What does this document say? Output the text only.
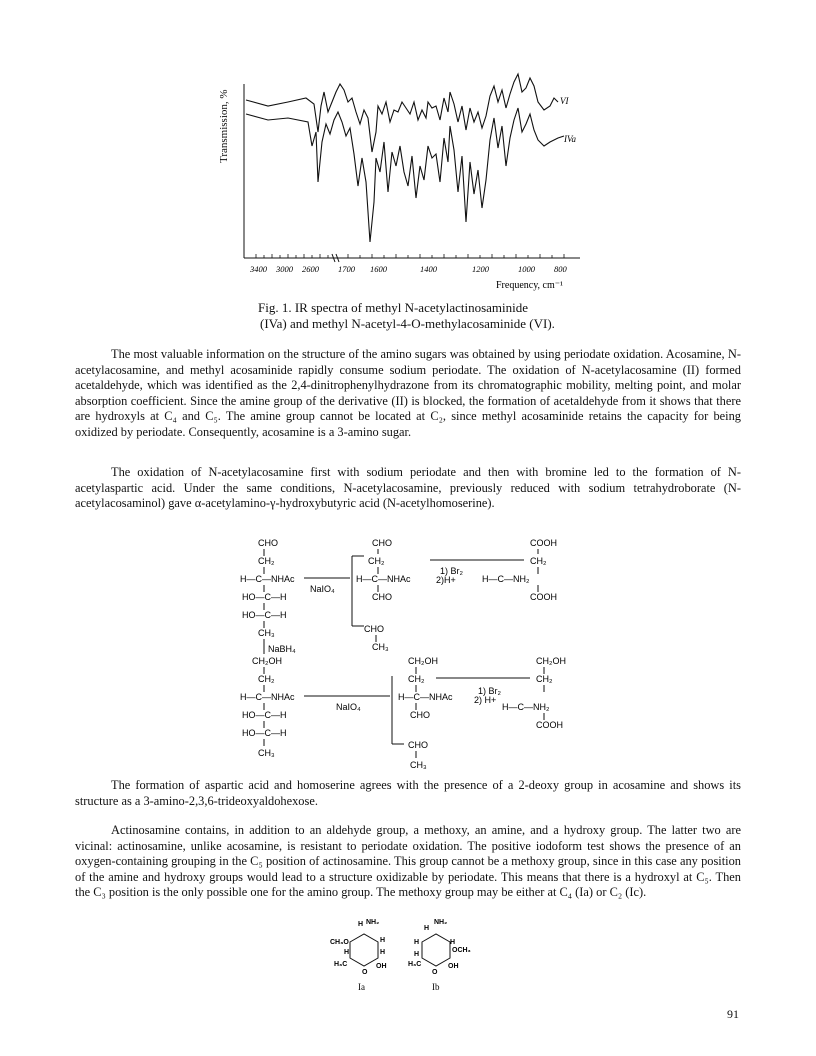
3400 3000 2600 1700 1600	1400	1200	1000 800
Frequency, cm⁻¹
VI
IVa
Transmission, %
Fig. 1. IR spectra of methyl N-acetylactinosaminide
(IVa) and methyl N-acetyl-4-O-methylacosaminide (VI).

The most valuable information on the structure of the amino sugars was obtained by using periodate oxidation. Acosamine, N-acetylacosamine, and methyl acosaminide rapidly consume sodium periodate. The oxidation of N-acetylacosamine (II) formed acetaldehyde, which was identified as the 2,4-dinitrophenylhydrazone from its chromatographic mobility, melting point, and molar absorption coefficient. Since the amine group of the derivative (II) is blocked, the formation of acetaldehyde from it shows that there are hydroxyls at C₄ and C₅. The amine group cannot be located at C₂, since methyl acosaminide retains the capacity for being oxidized by periodate. Consequently, acosamine is a 3-amino sugar.

The oxidation of N-acetylacosamine first with sodium periodate and then with bromine led to the formation of N-acetylaspartic acid. Under the same conditions, N-acetylacosamine, previously reduced with sodium tetrahydroborate (N-acetylacosaminol) gave α-acetylamino-γ-hydroxybutyric acid (N-acetylhomoserine).

CHO
CH₂
H—C—NHAc
HO—C—H
HO—C—H
CH₃
NaIO₄
CHO
CH₂
H—C—NHAc
CHO
CHO
CH₃
1) Br₂
2)H+
COOH
CH₂
H—C—NH₂
COOH
NaBH₄
CH₂OH
CH₂
H—C—NHAc
HO—C—H
HO—C—H
CH₃
NaIO₄
CH₂OH
CH₂
H—C—NHAc
CHO
CHO
CH₃
1) Br₂
2) H+
CH₂OH
CH₂
H—C—NH₂
COOH

The formation of aspartic acid and homoserine agrees with the presence of a 2-deoxy group in acosamine and shows its structure as a 3-amino-2,3,6-trideoxyaldohexose.

Actinosamine contains, in addition to an aldehyde group, a methoxy, an amine, and a hydroxy group. The latter two are vicinal: actinosamine, unlike acosamine, is resistant to periodate oxidation. The positive iodoform test shows the presence of an oxygen-containing grouping in the C₅ position of actinosamine. This group cannot be a methoxy group, since in this case any position of the amine and hydroxy groups would lead to a structure oxidizable by periodate. This means that there is a hydroxyl at C₅. Then the C₃ position is the only possible one for the amino group. The methoxy group may be either at C₄ (Ia) or C₂ (Ic).

H NH₂
H
CH₃O
H	H
H₃C
O
OH
Ia
H
NH₂
H	H
OCH₃
H
H₃C
O
OH
Ib
91
